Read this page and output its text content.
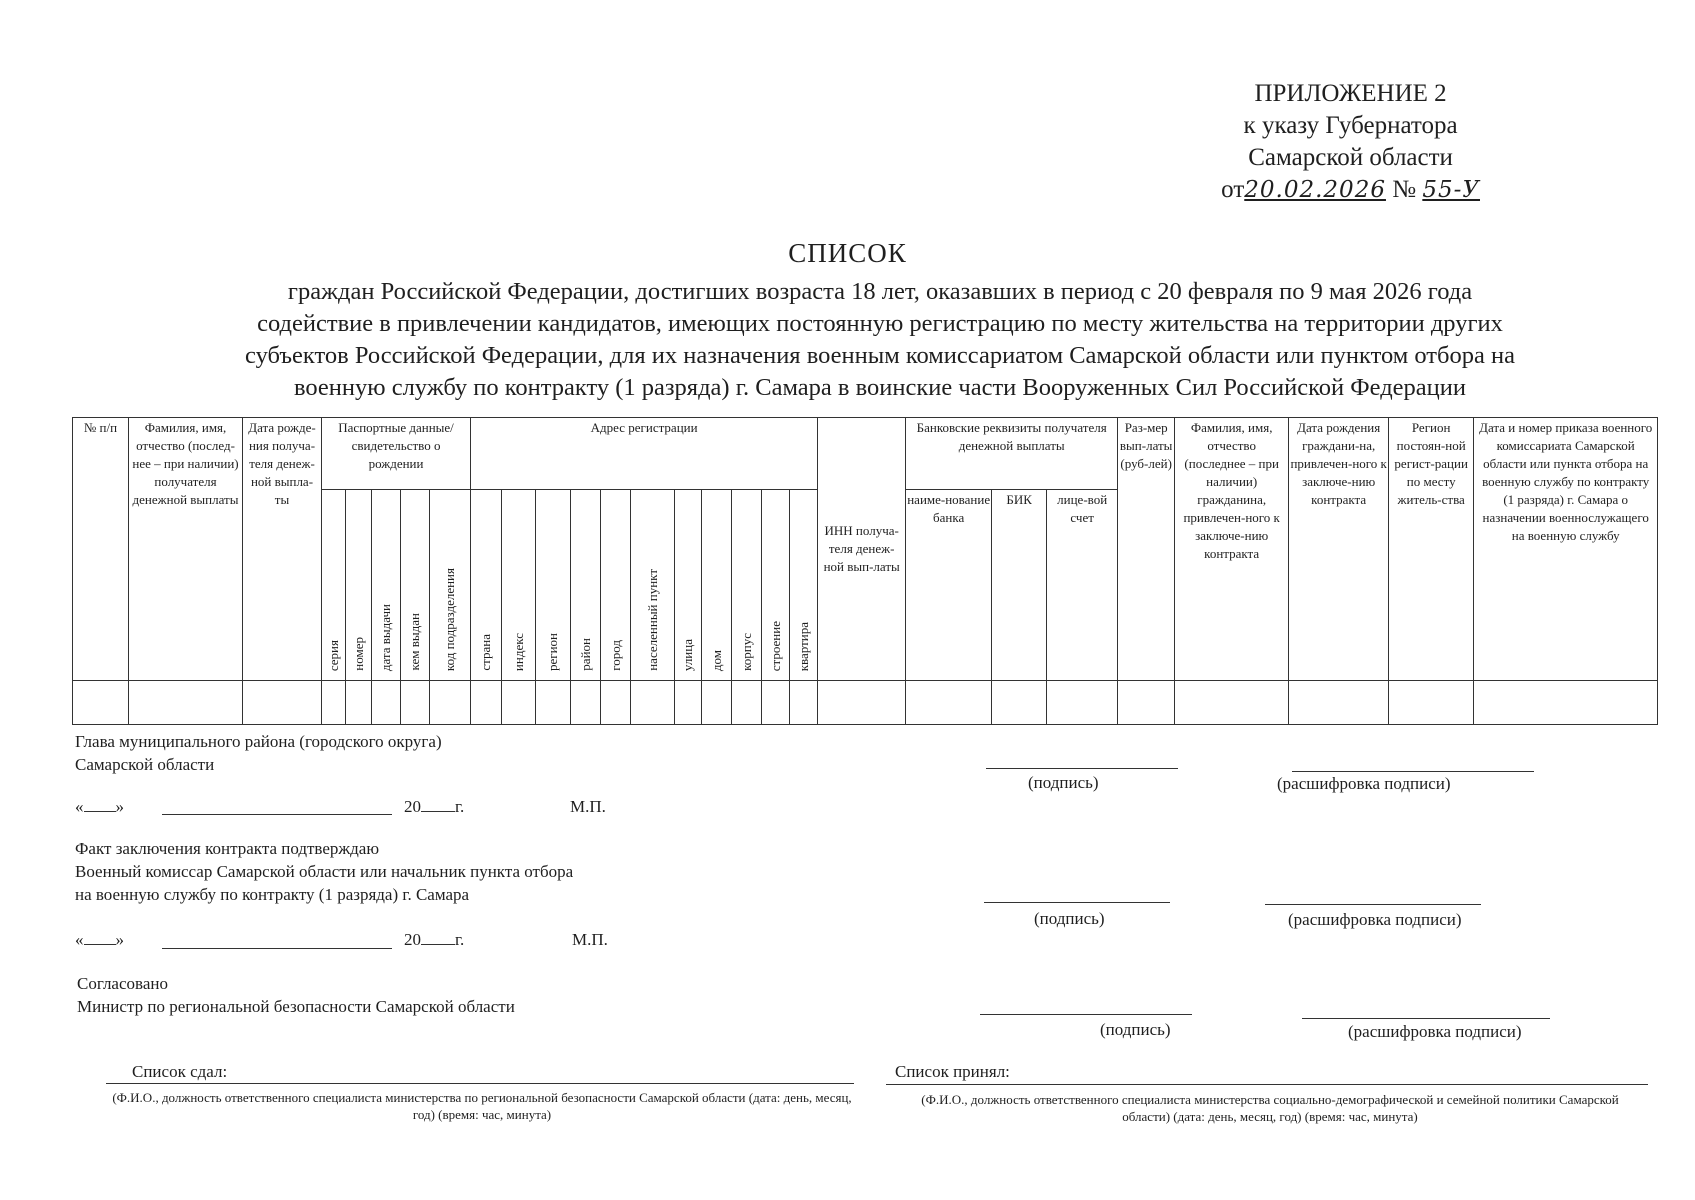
ПРИЛОЖЕНИЕ 2
к указу Губернатора
Самарской области
от20.02.2026 № 55-У
СПИСОК
граждан Российской Федерации, достигших возраста 18 лет, оказавших в период с 20 февраля по 9 мая 2026 года
содействие в привлечении кандидатов, имеющих постоянную регистрацию по месту жительства на территории других
субъектов Российской Федерации, для их назначения военным комиссариатом Самарской области или пунктом отбора на
военную службу по контракту (1 разряда) г. Самара в воинские части Вооруженных Сил Российской Федерации
№ п/п	Фамилия, имя, отчество (послед-нее – при наличии) получателя денежной выплаты	Дата рожде-ния получа-теля денеж-ной выпла-ты	Паспортные данные/ свидетельство о рождении					Адрес регистрации											ИНН получа-теля денеж-ной вып-латы	Банковские реквизиты получателя денежной выплаты			Раз-мер вып-латы (руб-лей)	Фамилия, имя, отчество (последнее – при наличии) гражданина, привлечен-ного к заключе-нию контракта	Дата рождения граждани-на, привлечен-ного к заключе-нию контракта	Регион постоян-ной регист-рации по месту житель-ства	Дата и номер приказа военного комиссариата Самарской области или пункта отбора на военную службу по контракту (1 разряда) г. Самара о назначении военнослужащего на военную службу
			серия	номер	дата выдачи	кем выдан	код подразделения	страна	индекс	регион	район	город	населенный пункт	улица	дом	корпус	строение	квартира		наиме-нование банка	БИК	лице-вой счет					

Глава муниципального района (городского округа)
Самарской области
(подпись)	(расшифровка подписи)
« »	20 г.	М.П.
Факт заключения контракта подтверждаю
Военный комиссар Самарской области или начальник пункта отбора
на военную службу по контракту (1 разряда) г. Самара
(подпись)	(расшифровка подписи)
« »	20 г.	М.П.
Согласовано
Министр по региональной безопасности Самарской области
(подпись)	(расшифровка подписи)
Список сдал:
(Ф.И.О., должность ответственного специалиста министерства по региональной безопасности Самарской области (дата: день, месяц, год) (время: час, минута)
Список принял:
(Ф.И.О., должность ответственного специалиста министерства социально-демографической и семейной политики Самарской области) (дата: день, месяц, год) (время: час, минута)
